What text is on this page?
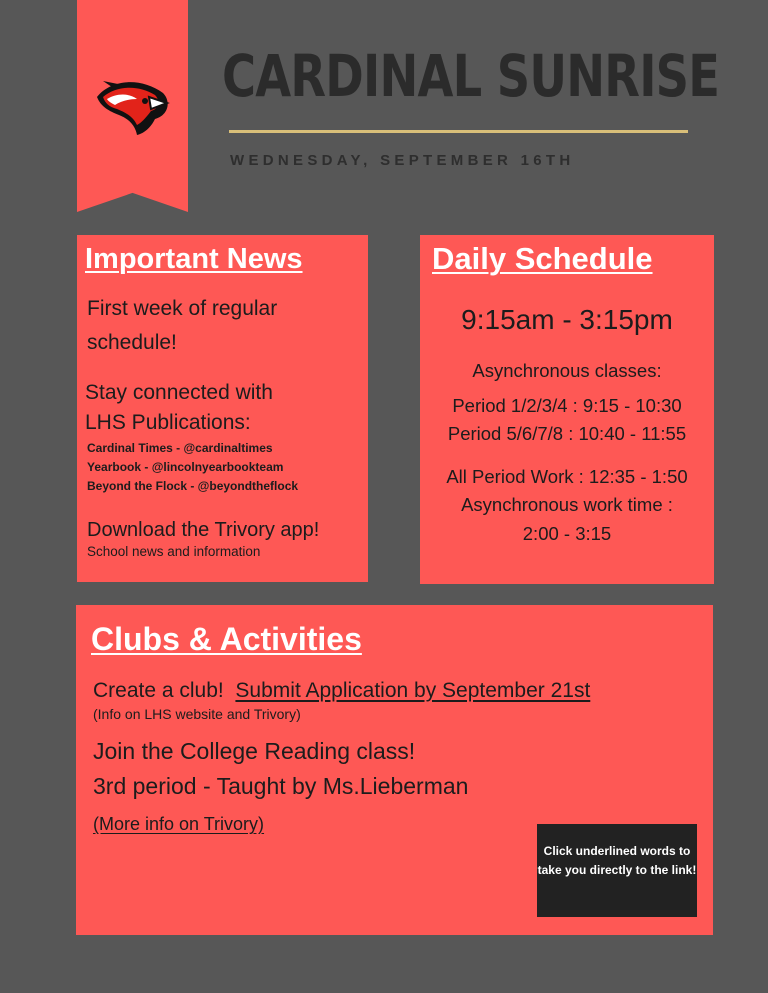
CARDINAL SUNRISE
WEDNESDAY, SEPTEMBER 16TH
Important News
First week of regular
schedule!
Stay connected with
LHS Publications:
Cardinal Times - @cardinaltimes
Yearbook - @lincolnyearbookteam
Beyond the Flock - @beyondtheflock
Download the Trivory app!
School news and information
Daily Schedule
9:15am - 3:15pm
Asynchronous classes:
Period 1/2/3/4 : 9:15 - 10:30
Period 5/6/7/8 : 10:40 - 11:55
All Period Work : 12:35 - 1:50
Asynchronous work time :
2:00 - 3:15
Clubs & Activities
Create a club! Submit Application by September 21st
(Info on LHS website and Trivory)
Join the College Reading class!
3rd period - Taught by Ms.Lieberman
(More info on Trivory)
Click underlined words to take you directly to the link!
